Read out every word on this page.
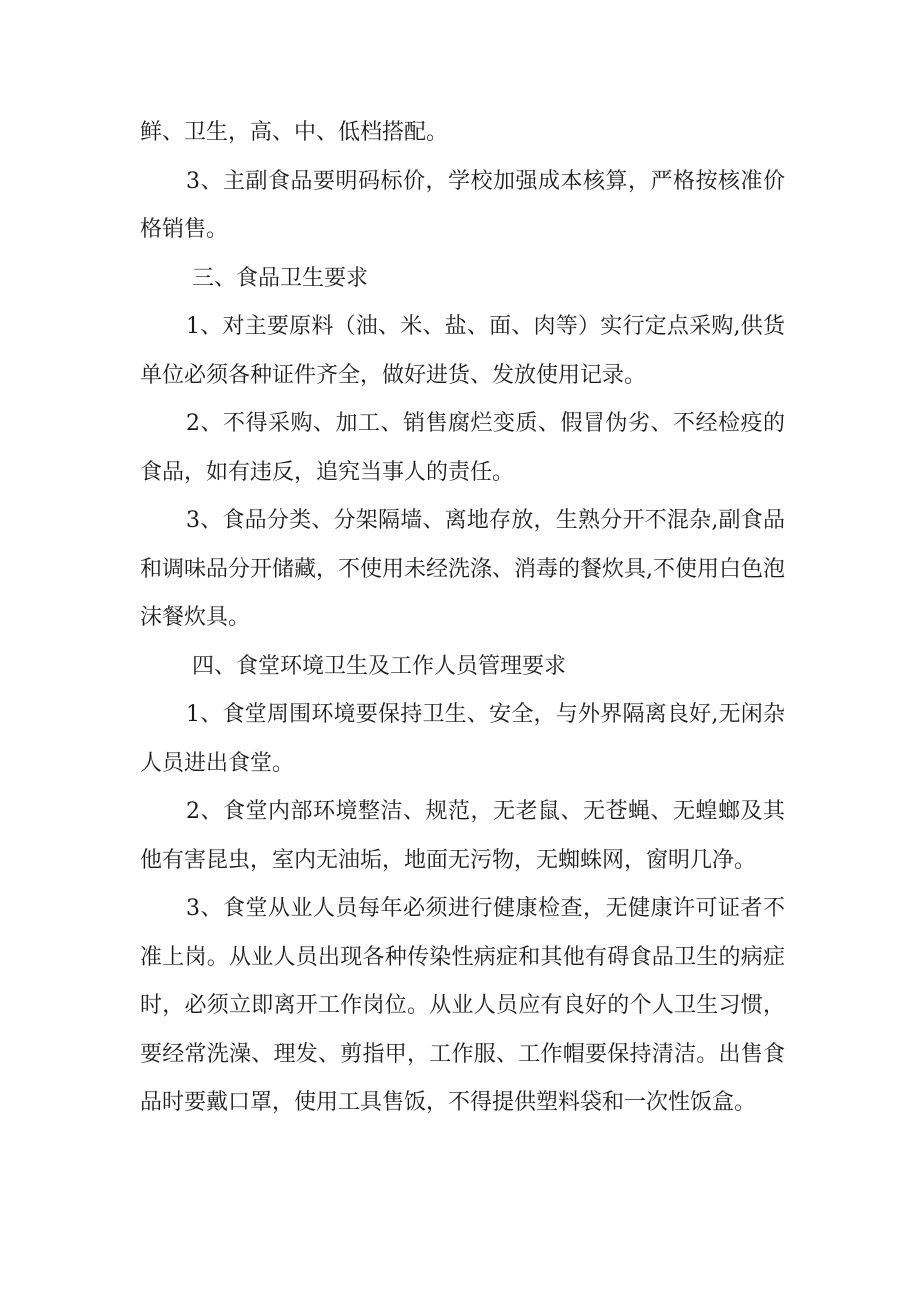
鲜、卫生，高、中、低档搭配。

3、主副食品要明码标价，学校加强成本核算，严格按核准价格销售。

三、食品卫生要求

1、对主要原料（油、米、盐、面、肉等）实行定点采购,供货单位必须各种证件齐全，做好进货、发放使用记录。

2、不得采购、加工、销售腐烂变质、假冒伪劣、不经检疫的食品，如有违反，追究当事人的责任。

3、食品分类、分架隔墙、离地存放，生熟分开不混杂,副食品和调味品分开储藏，不使用未经洗涤、消毒的餐炊具,不使用白色泡沫餐炊具。

四、食堂环境卫生及工作人员管理要求

1、食堂周围环境要保持卫生、安全，与外界隔离良好,无闲杂人员进出食堂。

2、食堂内部环境整洁、规范，无老鼠、无苍蝇、无蝗螂及其他有害昆虫，室内无油垢，地面无污物，无蜘蛛网，窗明几净。

3、食堂从业人员每年必须进行健康检查，无健康许可证者不准上岗。从业人员出现各种传染性病症和其他有碍食品卫生的病症时，必须立即离开工作岗位。从业人员应有良好的个人卫生习惯，要经常洗澡、理发、剪指甲，工作服、工作帽要保持清洁。出售食品时要戴口罩，使用工具售饭，不得提供塑料袋和一次性饭盒。
